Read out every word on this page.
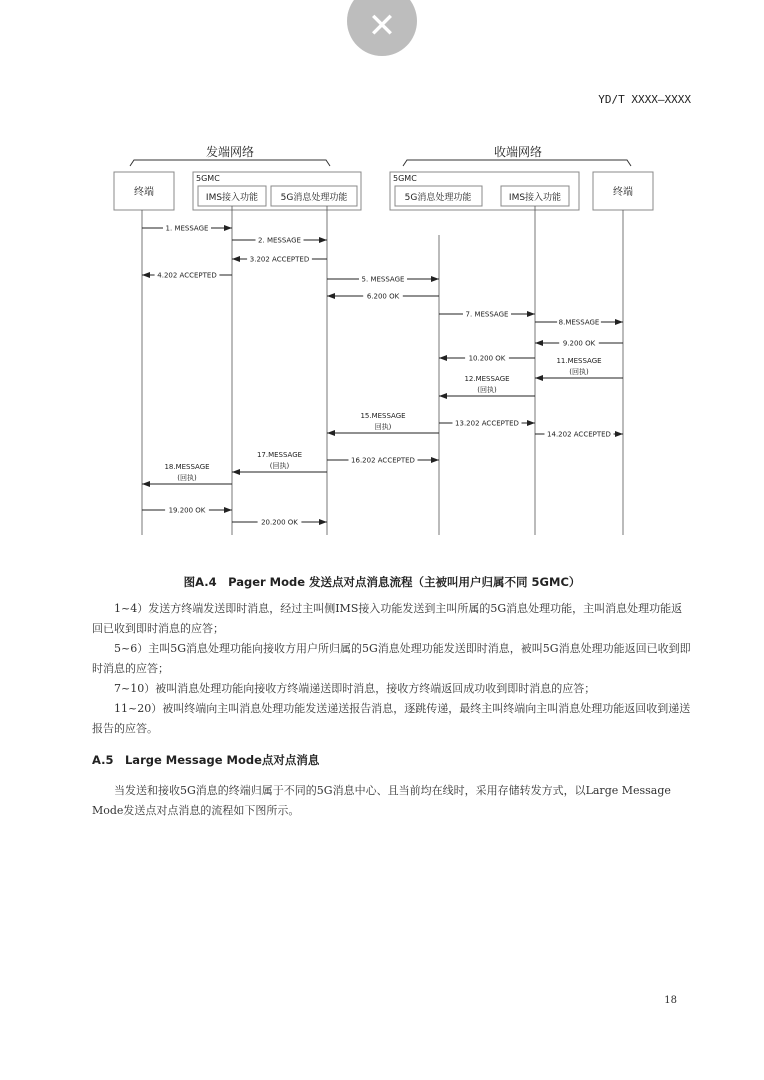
✕
YD/T XXXX—XXXX
发端网络	收端网络
终端
5GMC
IMS接入功能	5G消息处理功能
5GMC
5G消息处理功能	IMS接入功能	终端
1. MESSAGE
2. MESSAGE
3.202 ACCEPTED
4.202 ACCEPTED	5. MESSAGE
6.200 OK
7. MESSAGE
8.MESSAGE
9.200 OK
10.200 OK	11.MESSAGE
(回执)
12.MESSAGE
(回执)
13.202 ACCEPTED
14.202 ACCEPTED
15.MESSAGE
回执)
16.202 ACCEPTED
17.MESSAGE
(回执)
18.MESSAGE
(回执)
19.200 OK
20.200 OK
图A.4　Pager Mode 发送点对点消息流程（主被叫用户归属不同 5GMC）

1~4）发送方终端发送即时消息，经过主叫侧IMS接入功能发送到主叫所属的5G消息处理功能，主叫消息处理功能返回已收到即时消息的应答；

5~6）主叫5G消息处理功能向接收方用户所归属的5G消息处理功能发送即时消息，被叫5G消息处理功能返回已收到即时消息的应答；

7~10）被叫消息处理功能向接收方终端递送即时消息，接收方终端返回成功收到即时消息的应答；

11~20）被叫终端向主叫消息处理功能发送递送报告消息，逐跳传递，最终主叫终端向主叫消息处理功能返回收到递送报告的应答。

A.5　Large Message Mode点对点消息

当发送和接收5G消息的终端归属于不同的5G消息中心、且当前均在线时，采用存储转发方式，以Large Message Mode发送点对点消息的流程如下图所示。

18
